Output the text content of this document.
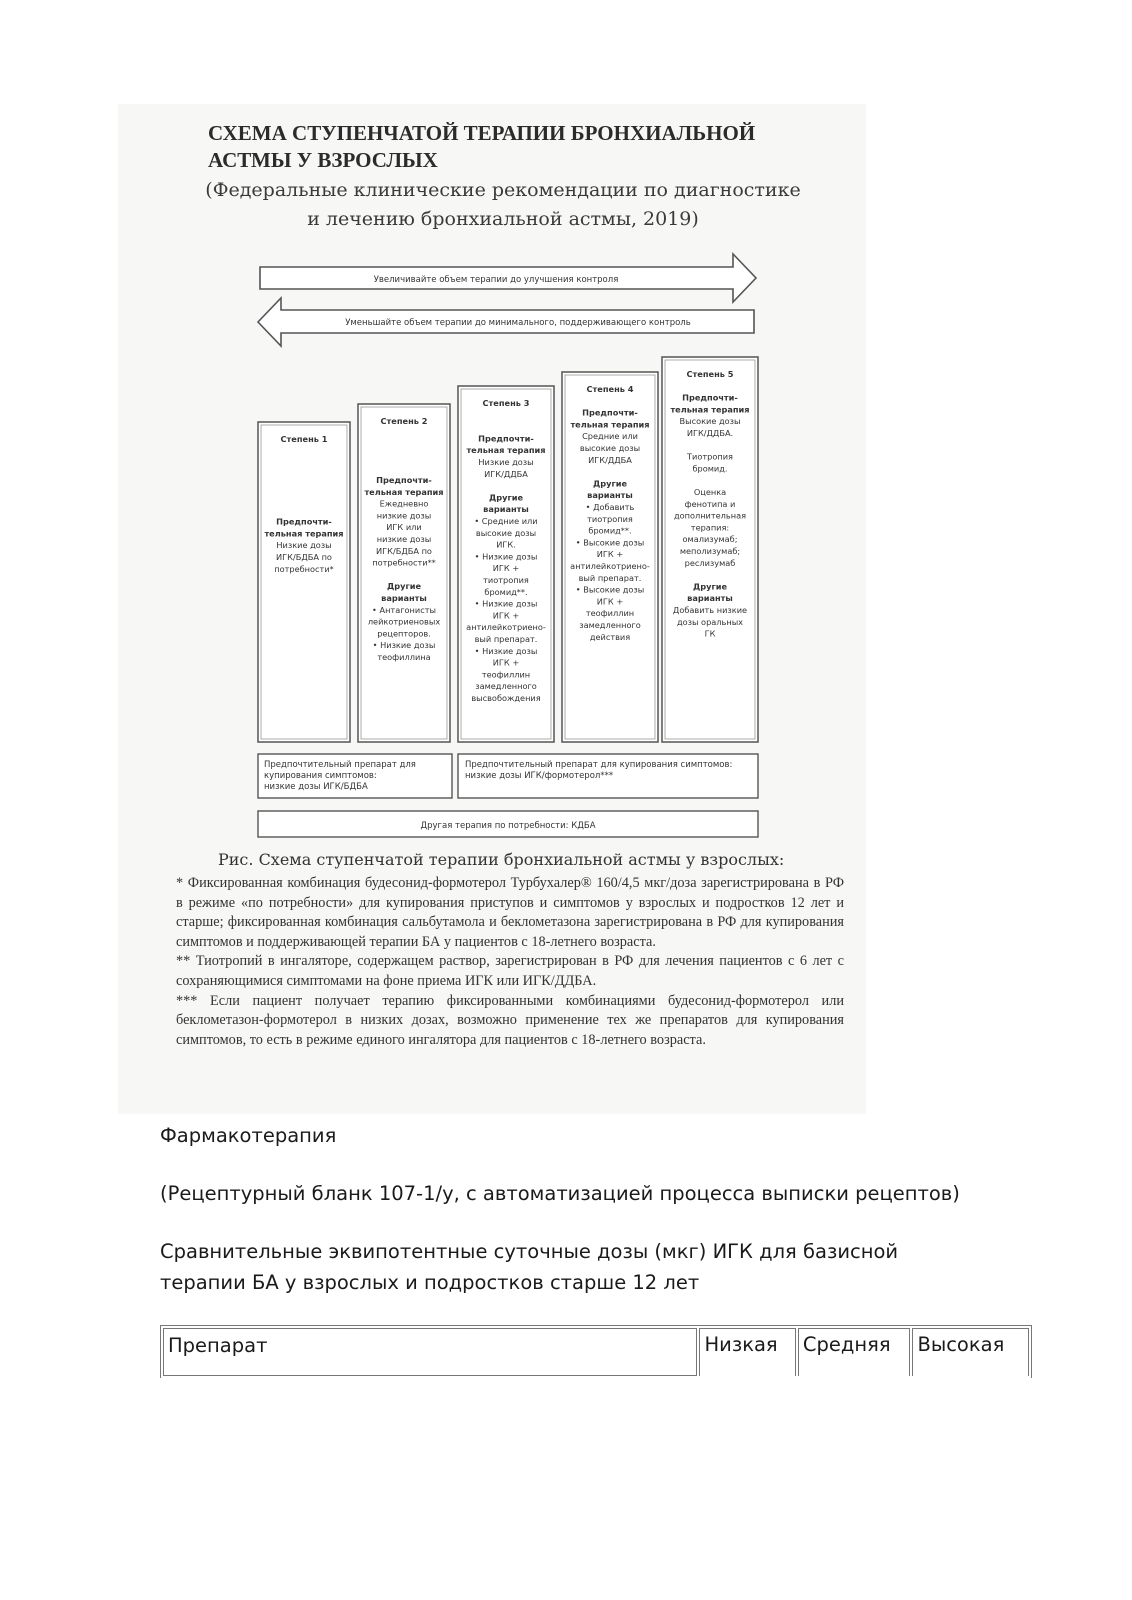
СХЕМА СТУПЕНЧАТОЙ ТЕРАПИИ БРОНХИАЛЬНОЙ
АСТМЫ У ВЗРОСЛЫХ
(Федеральные клинические рекомендации по диагностике
и лечению бронхиальной астмы, 2019)
Увеличивайте объем терапии до улучшения контроля
Уменьшайте объем терапии до минимального, поддерживающего контроль
Степень 1
Предпочти-
тельная терапия
Низкие дозы
ИГК/БДБА по
потребности*
Степень 2
Предпочти-
тельная терапия
Ежедневно
низкие дозы
ИГК или
низкие дозы
ИГК/БДБА по
потребности**
Другие
варианты
• Антагонисты
лейкотриеновых
рецепторов.
• Низкие дозы
теофиллина
Степень 3
Предпочти-
тельная терапия
Низкие дозы
ИГК/ДДБА
Другие
варианты
• Средние или
высокие дозы
ИГК.
• Низкие дозы
ИГК +
тиотропия
бромид**.
• Низкие дозы
ИГК +
антилейкотриено-
вый препарат.
• Низкие дозы
ИГК +
теофиллин
замедленного
высвобождения
Степень 4
Предпочти-
тельная терапия
Средние или
высокие дозы
ИГК/ДДБА
Другие
варианты
• Добавить
тиотропия
бромид**.
• Высокие дозы
ИГК +
антилейкотриено-
вый препарат.
• Высокие дозы
ИГК +
теофиллин
замедленного
действия
Степень 5
Предпочти-
тельная терапия
Высокие дозы
ИГК/ДДБА.
Тиотропия
бромид.
Оценка
фенотипа и
дополнительная
терапия:
омализумаб;
меполизумаб;
реслизумаб
Другие
варианты
Добавить низкие
дозы оральных
ГК
Предпочтительный препарат для
купирования симптомов:
низкие дозы ИГК/БДБА
Предпочтительный препарат для купирования симптомов:
низкие дозы ИГК/формотерол***
Другая терапия по потребности: КДБА
Рис. Схема ступенчатой терапии бронхиальной астмы у взрослых:

* Фиксированная комбинация будесонид-формотерол Турбухалер® 160/4,5 мкг/доза зарегистрирована в РФ в режиме «по потребности» для купирования приступов и симптомов у взрослых и подростков 12 лет и старше; фиксированная комбинация сальбутамола и беклометазона зарегистрирована в РФ для купирования симптомов и поддерживающей терапии БА у пациентов с 18-летнего возраста.

** Тиотропий в ингаляторе, содержащем раствор, зарегистрирован в РФ для лечения пациентов с 6 лет с сохраняющимися симптомами на фоне приема ИГК или ИГК/ДДБА.

*** Если пациент получает терапию фиксированными комбинациями будесонид-формотерол или беклометазон-формотерол в низких дозах, возможно применение тех же препаратов для купирования симптомов, то есть в режиме единого ингалятора для пациентов с 18-летнего возраста.

Фармакотерапия
(Рецептурный бланк 107-1/у, с автоматизацией процесса выписки рецептов)
Сравнительные эквипотентные суточные дозы (мкг) ИГК для базисной
терапии БА у взрослых и подростков старше 12 лет
Препарат	Низкая	Средняя	Высокая
